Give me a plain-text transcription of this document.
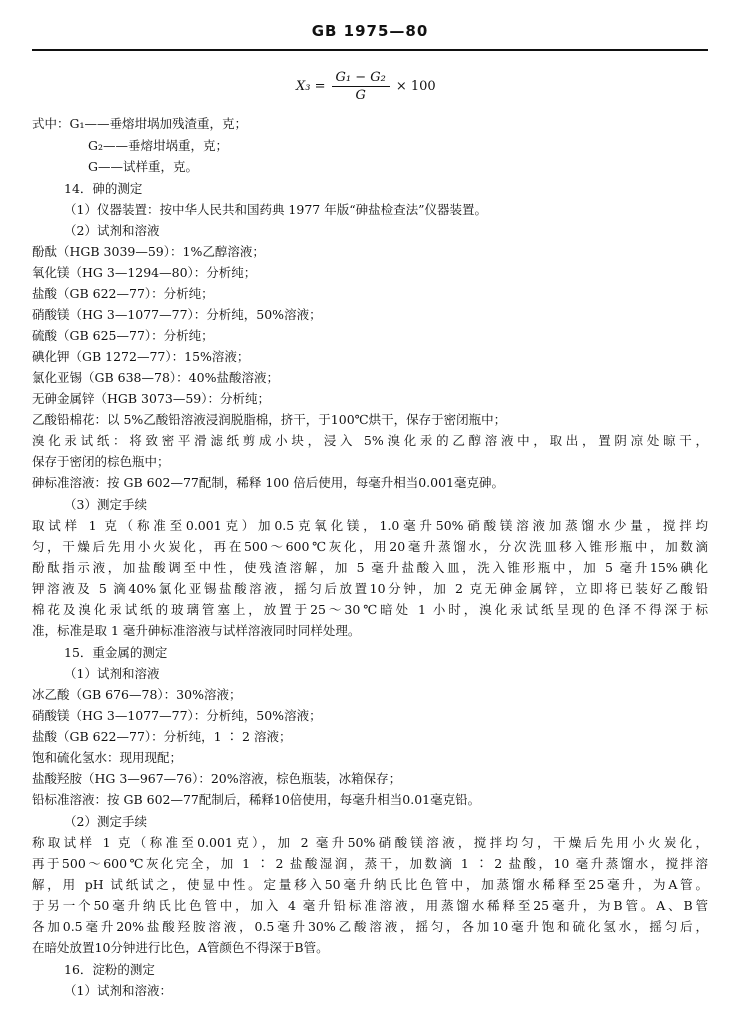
GB 1975—80
$X_3 = \frac{\text{G₁ − G₂}}{G} \times 100$
式中：G₁——垂熔坩埚加残渣重，克；
G₂——垂熔坩埚重，克；
G——试样重，克。
14．砷的测定
（1）仪器装置：按中华人民共和国药典 1977 年版“砷盐检查法”仪器装置。
（2）试剂和溶液
酚酞（HGB 3039—59）：1%乙醇溶液；
氧化镁（HG 3—1294—80）：分析纯；
盐酸（GB 622—77）：分析纯；
硝酸镁（HG 3—1077—77）：分析纯，50%溶液；
硫酸（GB 625—77）：分析纯；
碘化钾（GB 1272—77）：15%溶液；
氯化亚锡（GB 638—78）：40%盐酸溶液；
无砷金属锌（HGB 3073—59）：分析纯；
乙酸铅棉花：以 5%乙酸铅溶液浸润脱脂棉，挤干，于100℃烘干，保存于密闭瓶中；
溴化汞试纸：将致密平滑滤纸剪成小块，浸入 5%溴化汞的乙醇溶液中，取出，置阴凉处晾干，
保存于密闭的棕色瓶中；
砷标准溶液：按 GB 602—77配制，稀释 100 倍后使用，每毫升相当0.001毫克砷。
（3）测定手续
取试样 1 克（称准至0.001克）加0.5克氧化镁，1.0毫升50%硝酸镁溶液加蒸馏水少量，搅拌均
匀，干燥后先用小火炭化，再在500～600℃灰化，用20毫升蒸馏水，分次洗皿移入锥形瓶中，加数滴
酚酞指示液，加盐酸调至中性，使残渣溶解，加 5 毫升盐酸入皿，洗入锥形瓶中，加 5 毫升15%碘化
钾溶液及 5 滴40%氯化亚锡盐酸溶液，摇匀后放置10分钟，加 2 克无砷金属锌，立即将已装好乙酸铅
棉花及溴化汞试纸的玻璃管塞上，放置于25～30℃暗处 1 小时，溴化汞试纸呈现的色泽不得深于标
准，标准是取 1 毫升砷标准溶液与试样溶液同时同样处理。
15．重金属的测定
（1）试剂和溶液
冰乙酸（GB 676—78）：30%溶液；
硝酸镁（HG 3—1077—77）：分析纯，50%溶液；
盐酸（GB 622—77）：分析纯，1 ∶ 2 溶液；
饱和硫化氢水：现用现配；
盐酸羟胺（HG 3—967—76）：20%溶液，棕色瓶装，冰箱保存；
铅标准溶液：按 GB 602—77配制后，稀释10倍使用，每毫升相当0.01毫克铅。
（2）测定手续
称取试样 1 克（称准至0.001克），加 2 毫升50%硝酸镁溶液，搅拌均匀，干燥后先用小火炭化，
再于500～600℃灰化完全，加 1 ∶ 2 盐酸湿润，蒸干，加数滴 1 ∶ 2 盐酸，10 毫升蒸馏水，搅拌溶
解，用 pH 试纸试之，使显中性。定量移入50毫升纳氏比色管中，加蒸馏水稀释至25毫升，为A管。
于另一个50毫升纳氏比色管中，加入 4 毫升铅标准溶液，用蒸馏水稀释至25毫升，为B管。A、B管
各加0.5毫升20%盐酸羟胺溶液，0.5毫升30%乙酸溶液，摇匀，各加10毫升饱和硫化氢水，摇匀后，
在暗处放置10分钟进行比色，A管颜色不得深于B管。
16．淀粉的测定
（1）试剂和溶液：
